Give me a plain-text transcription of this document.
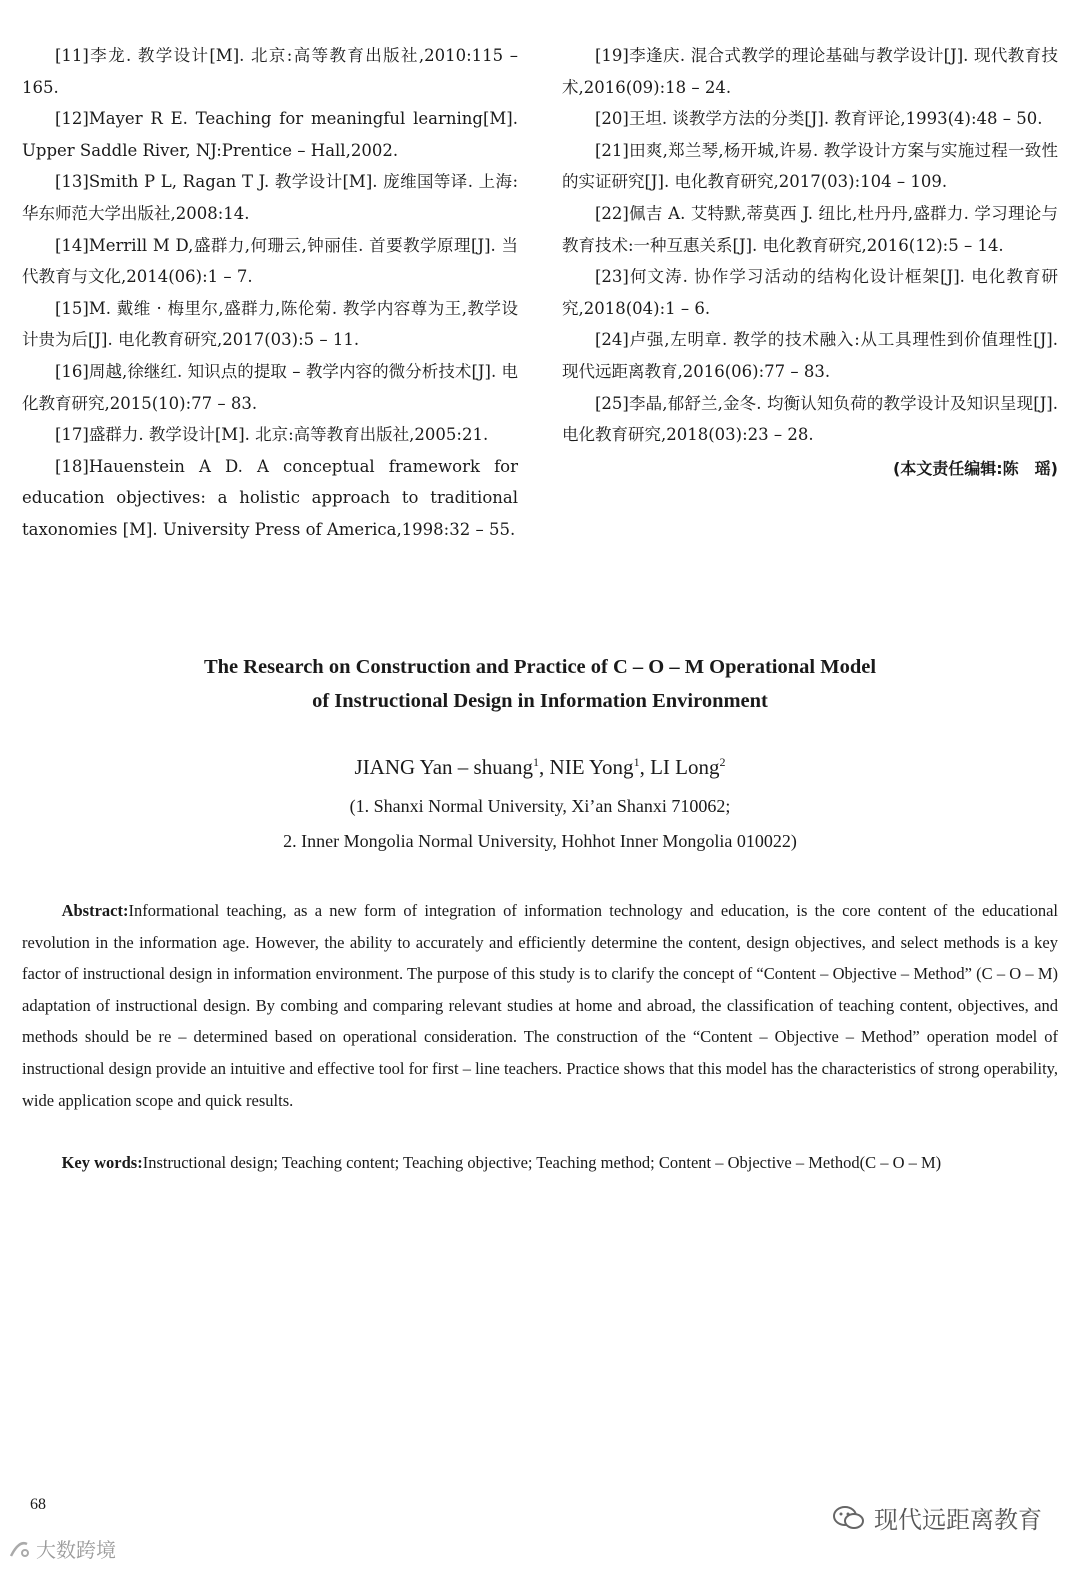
[11]李龙. 教学设计[M]. 北京:高等教育出版社,2010:115 – 165.

[12]Mayer R E. Teaching for meaningful learning[M]. Upper Saddle River, NJ:Prentice – Hall,2002.

[13]Smith P L, Ragan T J. 教学设计[M]. 庞维国等译. 上海:华东师范大学出版社,2008:14.

[14]Merrill M D,盛群力,何珊云,钟丽佳. 首要教学原理[J]. 当代教育与文化,2014(06):1 – 7.

[15]M. 戴维 · 梅里尔,盛群力,陈伦菊. 教学内容尊为王,教学设计贵为后[J]. 电化教育研究,2017(03):5 – 11.

[16]周越,徐继红. 知识点的提取 – 教学内容的微分析技术[J]. 电化教育研究,2015(10):77 – 83.

[17]盛群力. 教学设计[M]. 北京:高等教育出版社,2005:21.

[18]Hauenstein A D. A conceptual framework for education objectives: a holistic approach to traditional taxonomies [M]. University Press of America,1998:32 – 55.

[19]李逢庆. 混合式教学的理论基础与教学设计[J]. 现代教育技术,2016(09):18 – 24.

[20]王坦. 谈教学方法的分类[J]. 教育评论,1993(4):48 – 50.

[21]田爽,郑兰琴,杨开城,许易. 教学设计方案与实施过程一致性的实证研究[J]. 电化教育研究,2017(03):104 – 109.

[22]佩吉 A. 艾特默,蒂莫西 J. 纽比,杜丹丹,盛群力. 学习理论与教育技术:一种互惠关系[J]. 电化教育研究,2016(12):5 – 14.

[23]何文涛. 协作学习活动的结构化设计框架[J]. 电化教育研究,2018(04):1 – 6.

[24]卢强,左明章. 教学的技术融入:从工具理性到价值理性[J]. 现代远距离教育,2016(06):77 – 83.

[25]李晶,郁舒兰,金冬. 均衡认知负荷的教学设计及知识呈现[J]. 电化教育研究,2018(03):23 – 28.

(本文责任编辑:陈　瑶)
The Research on Construction and Practice of C – O – M Operational Model
of Instructional Design in Information Environment
JIANG Yan – shuang$^1$, NIE Yong$^1$, LI Long$^2$
(1. Shanxi Normal University, Xi’an Shanxi 710062;
2. Inner Mongolia Normal University, Hohhot Inner Mongolia 010022)

Abstract:Informational teaching, as a new form of integration of information technology and education, is the core content of the educational revolution in the information age. However, the ability to accurately and efficiently determine the content, design objectives, and select methods is a key factor of instructional design in information environment. The purpose of this study is to clarify the concept of “Content – Objective – Method” (C – O – M) adaptation of instructional design. By combing and comparing relevant studies at home and abroad, the classification of teaching content, objectives, and methods should be re – determined based on operational consideration. The construction of the “Content – Objective – Method” operation model of instructional design provide an intuitive and effective tool for first – line teachers. Practice shows that this model has the characteristics of strong operability, wide application scope and quick results.

Key words:Instructional design; Teaching content; Teaching objective; Teaching method; Content – Objective – Method(C – O – M)

68
现代远距离教育
大数跨境
